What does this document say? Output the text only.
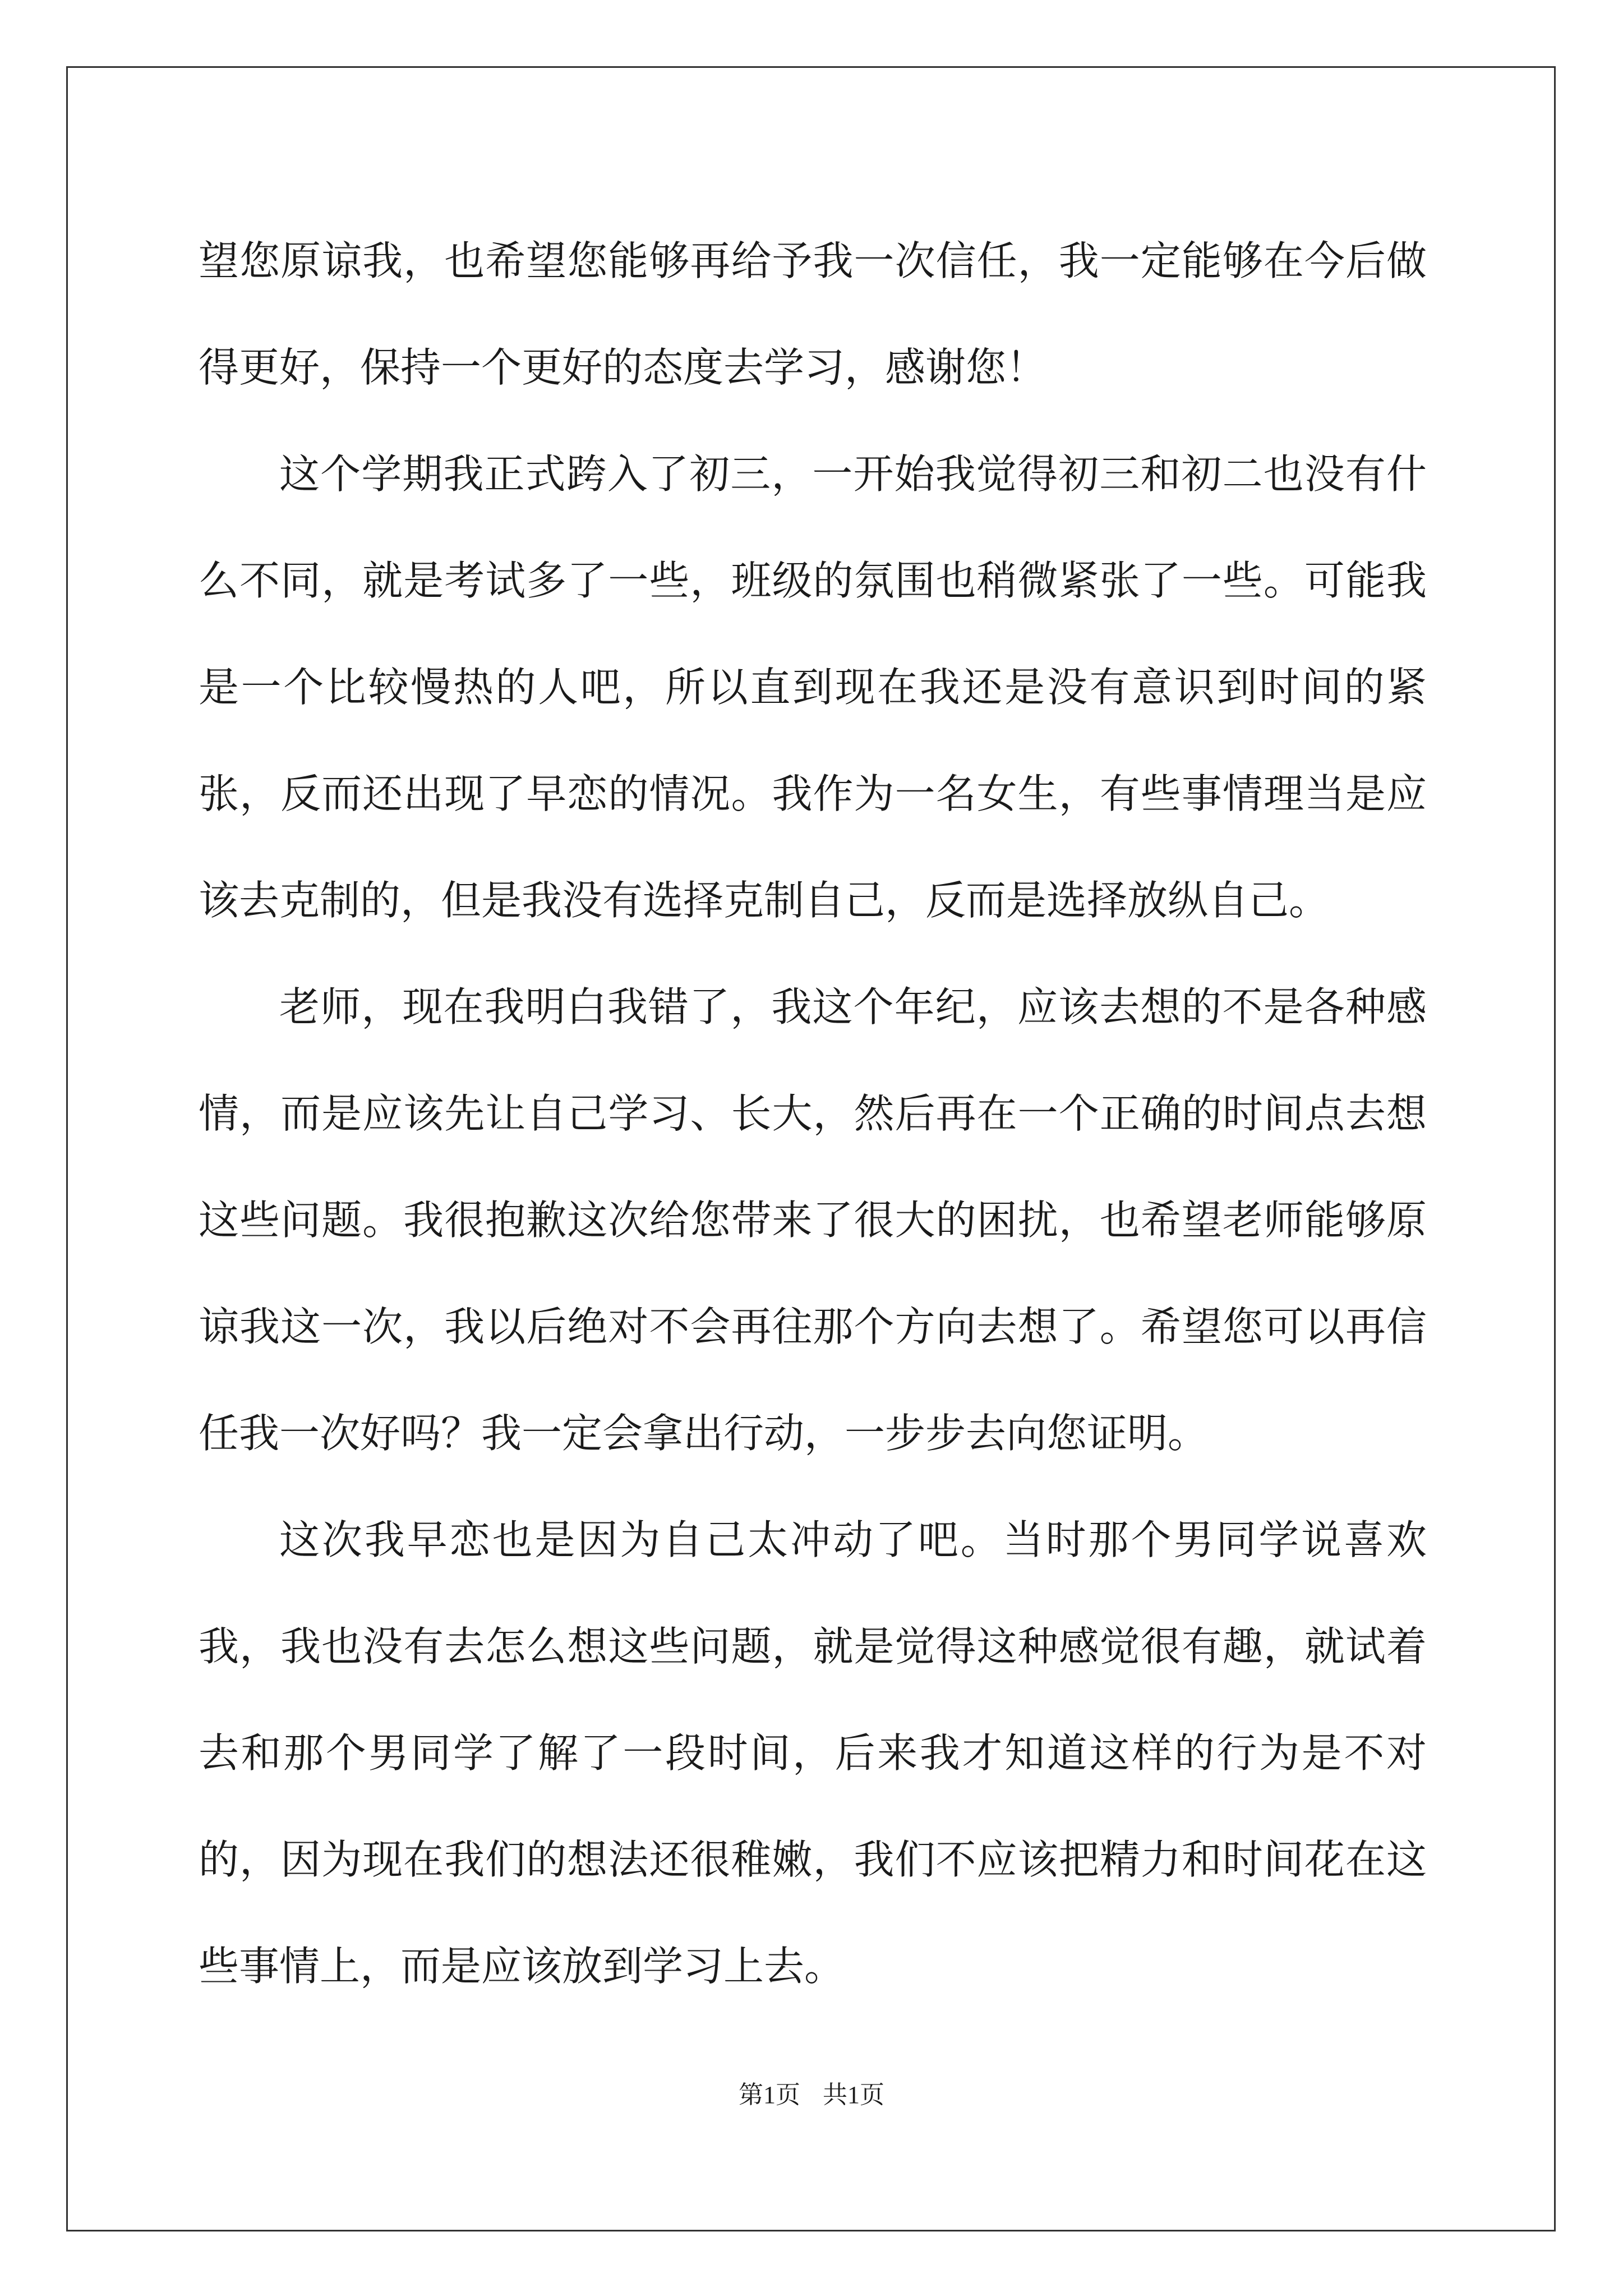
望您原谅我，也希望您能够再给予我一次信任，我一定能够在今后做得更好，保持一个更好的态度去学习，感谢您！

这个学期我正式跨入了初三，一开始我觉得初三和初二也没有什么不同，就是考试多了一些，班级的氛围也稍微紧张了一些。可能我是一个比较慢热的人吧，所以直到现在我还是没有意识到时间的紧张，反而还出现了早恋的情况。我作为一名女生，有些事情理当是应该去克制的，但是我没有选择克制自己，反而是选择放纵自己。

老师，现在我明白我错了，我这个年纪，应该去想的不是各种感情，而是应该先让自己学习、长大，然后再在一个正确的时间点去想这些问题。我很抱歉这次给您带来了很大的困扰，也希望老师能够原谅我这一次，我以后绝对不会再往那个方向去想了。希望您可以再信任我一次好吗？我一定会拿出行动，一步步去向您证明。

这次我早恋也是因为自己太冲动了吧。当时那个男同学说喜欢我，我也没有去怎么想这些问题，就是觉得这种感觉很有趣，就试着去和那个男同学了解了一段时间，后来我才知道这样的行为是不对的，因为现在我们的想法还很稚嫩，我们不应该把精力和时间花在这些事情上，而是应该放到学习上去。

第1页 共1页
